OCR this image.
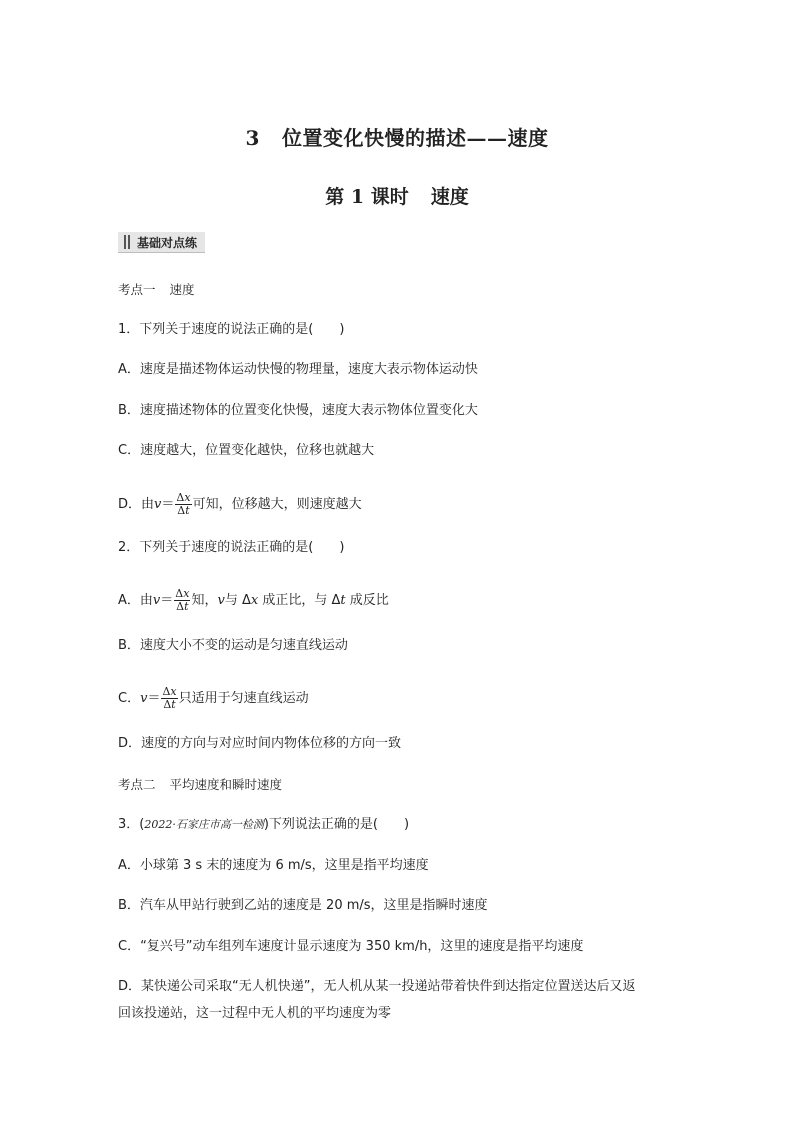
3 位置变化快慢的描述——速度
第 1 课时 速度
基础对点练
考点一 速度
1．下列关于速度的说法正确的是( )
A．速度是描述物体运动快慢的物理量，速度大表示物体运动快
B．速度描述物体的位置变化快慢，速度大表示物体位置变化大
C．速度越大，位置变化越快，位移也就越大
D．由$v= \frac{\Delta x}{\Delta t}$ 可知，位移越大，则速度越大
2．下列关于速度的说法正确的是( )
A．由$v= \frac{\Delta x}{\Delta t}$ 知，v与 Δx 成正比，与 Δt 成反比
B．速度大小不变的运动是匀速直线运动
C．$v= \frac{\Delta x}{\Delta t}$ 只适用于匀速直线运动
D．速度的方向与对应时间内物体位移的方向一致
考点二 平均速度和瞬时速度
3．(2022·石家庄市高一检测)下列说法正确的是( )
A．小球第 3 s 末的速度为 6 m/s，这里是指平均速度
B．汽车从甲站行驶到乙站的速度是 20 m/s，这里是指瞬时速度
C．“复兴号”动车组列车速度计显示速度为 350 km/h，这里的速度是指平均速度
D．某快递公司采取“无人机快递”，无人机从某一投递站带着快件到达指定位置送达后又返
回该投递站，这一过程中无人机的平均速度为零
